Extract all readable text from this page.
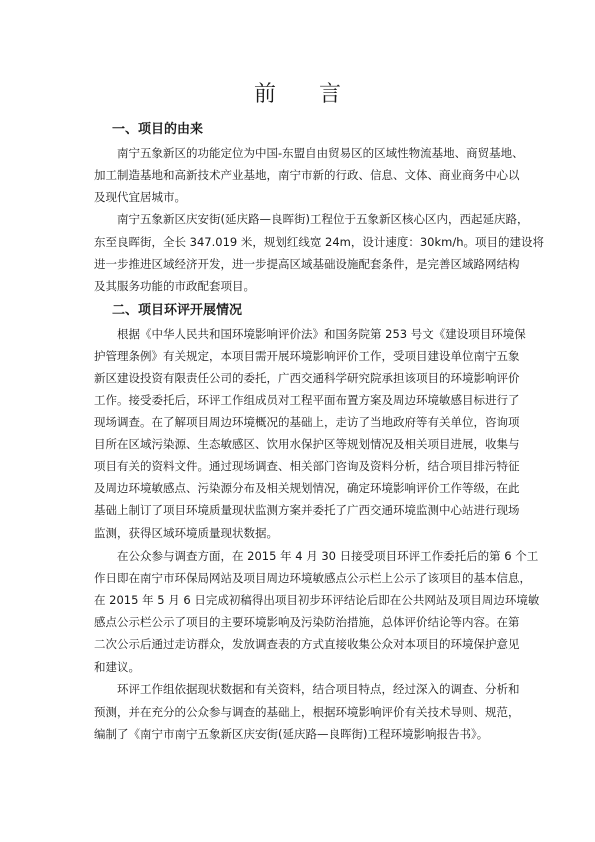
前 言
一、项目的由来
南宁五象新区的功能定位为中国-东盟自由贸易区的区域性物流基地、商贸基地、
加工制造基地和高新技术产业基地，南宁市新的行政、信息、文体、商业商务中心以
及现代宜居城市。
南宁五象新区庆安街(延庆路—良晖街)工程位于五象新区核心区内，西起延庆路，
东至良晖街，全长 347.019 米，规划红线宽 24m，设计速度：30km/h。项目的建设将
进一步推进区域经济开发，进一步提高区域基础设施配套条件，是完善区域路网结构
及其服务功能的市政配套项目。
二、项目环评开展情况
根据《中华人民共和国环境影响评价法》和国务院第 253 号文《建设项目环境保
护管理条例》有关规定，本项目需开展环境影响评价工作，受项目建设单位南宁五象
新区建设投资有限责任公司的委托，广西交通科学研究院承担该项目的环境影响评价
工作。接受委托后，环评工作组成员对工程平面布置方案及周边环境敏感目标进行了
现场调查。在了解项目周边环境概况的基础上，走访了当地政府等有关单位，咨询项
目所在区域污染源、生态敏感区、饮用水保护区等规划情况及相关项目进展，收集与
项目有关的资料文件。通过现场调查、相关部门咨询及资料分析，结合项目排污特征
及周边环境敏感点、污染源分布及相关规划情况，确定环境影响评价工作等级，在此
基础上制订了项目环境质量现状监测方案并委托了广西交通环境监测中心站进行现场
监测，获得区域环境质量现状数据。
在公众参与调查方面，在 2015 年 4 月 30 日接受项目环评工作委托后的第 6 个工
作日即在南宁市环保局网站及项目周边环境敏感点公示栏上公示了该项目的基本信息，
在 2015 年 5 月 6 日完成初稿得出项目初步环评结论后即在公共网站及项目周边环境敏
感点公示栏公示了项目的主要环境影响及污染防治措施，总体评价结论等内容。在第
二次公示后通过走访群众，发放调查表的方式直接收集公众对本项目的环境保护意见
和建议。
环评工作组依据现状数据和有关资料，结合项目特点，经过深入的调查、分析和
预测，并在充分的公众参与调查的基础上，根据环境影响评价有关技术导则、规范，
编制了《南宁市南宁五象新区庆安街(延庆路—良晖街)工程环境影响报告书》。
